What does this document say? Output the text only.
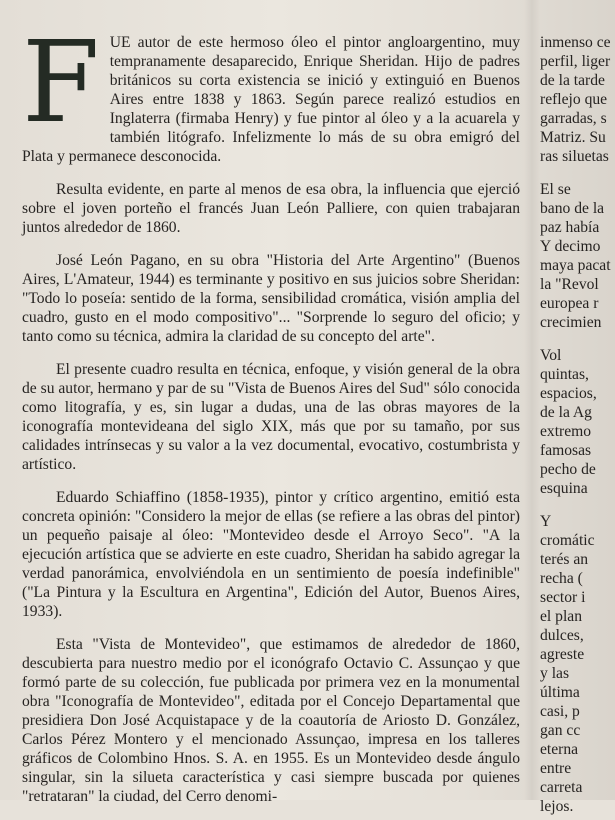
FUE autor de este hermoso óleo el pintor angloargentino, muy tempranamente desaparecido, Enrique Sheridan. Hijo de padres británicos su corta existencia se inició y extinguió en Buenos Aires entre 1838 y 1863. Según parece realizó estudios en Inglaterra (firmaba Henry) y fue pintor al óleo y a la acuarela y también litógrafo. Infelizmente lo más de su obra emigró del Plata y permanece desconocida.

Resulta evidente, en parte al menos de esa obra, la influencia que ejerció sobre el joven porteño el francés Juan León Palliere, con quien trabajaran juntos alrededor de 1860.

José León Pagano, en su obra "Historia del Arte Argentino" (Buenos Aires, L'Amateur, 1944) es terminante y positivo en sus juicios sobre Sheridan: "Todo lo poseía: sentido de la forma, sensibilidad cromática, visión amplia del cuadro, gusto en el modo compositivo"... "Sorprende lo seguro del oficio; y tanto como su técnica, admira la claridad de su concepto del arte".

El presente cuadro resulta en técnica, enfoque, y visión general de la obra de su autor, hermano y par de su "Vista de Buenos Aires del Sud" sólo conocida como litografía, y es, sin lugar a dudas, una de las obras mayores de la iconografía montevideana del siglo XIX, más que por su tamaño, por sus calidades intrínsecas y su valor a la vez documental, evocativo, costumbrista y artístico.

Eduardo Schiaffino (1858-1935), pintor y crítico argentino, emitió esta concreta opinión: "Considero la mejor de ellas (se refiere a las obras del pintor) un pequeño paisaje al óleo: "Montevideo desde el Arroyo Seco". "A la ejecución artística que se advierte en este cuadro, Sheridan ha sabido agregar la verdad panorámica, envolviéndola en un sentimiento de poesía indefinible" ("La Pintura y la Escultura en Argentina", Edición del Autor, Buenos Aires, 1933).

Esta "Vista de Montevideo", que estimamos de alrededor de 1860, descubierta para nuestro medio por el iconógrafo Octavio C. Assunçao y que formó parte de su colección, fue publicada por primera vez en la monumental obra "Iconografía de Montevideo", editada por el Concejo Departamental que presidiera Don José Acquistapace y de la coautoría de Ariosto D. González, Carlos Pérez Montero y el mencionado Assunçao, impresa en los talleres gráficos de Colombino Hnos. S. A. en 1955. Es un Montevideo desde ángulo singular, sin la silueta característica y casi siempre buscada por quienes "retrataran" la ciudad, del Cerro denomi-

inmenso ce
perfil, liger
de la tarde
reflejo que
garradas, s
Matriz. Su
ras siluetas
El se
bano de la
paz había
Y decimo
maya pacat
la "Revol
europea r
crecimien
Vol
quintas,
espacios,
de la Ag
extremo
famosas
pecho de
esquina
Y
cromátic
terés an
recha (
sector i
el plan
dulces,
agreste
y las
última
casi, p
gan cc
eterna
entre
carreta
lejos.
